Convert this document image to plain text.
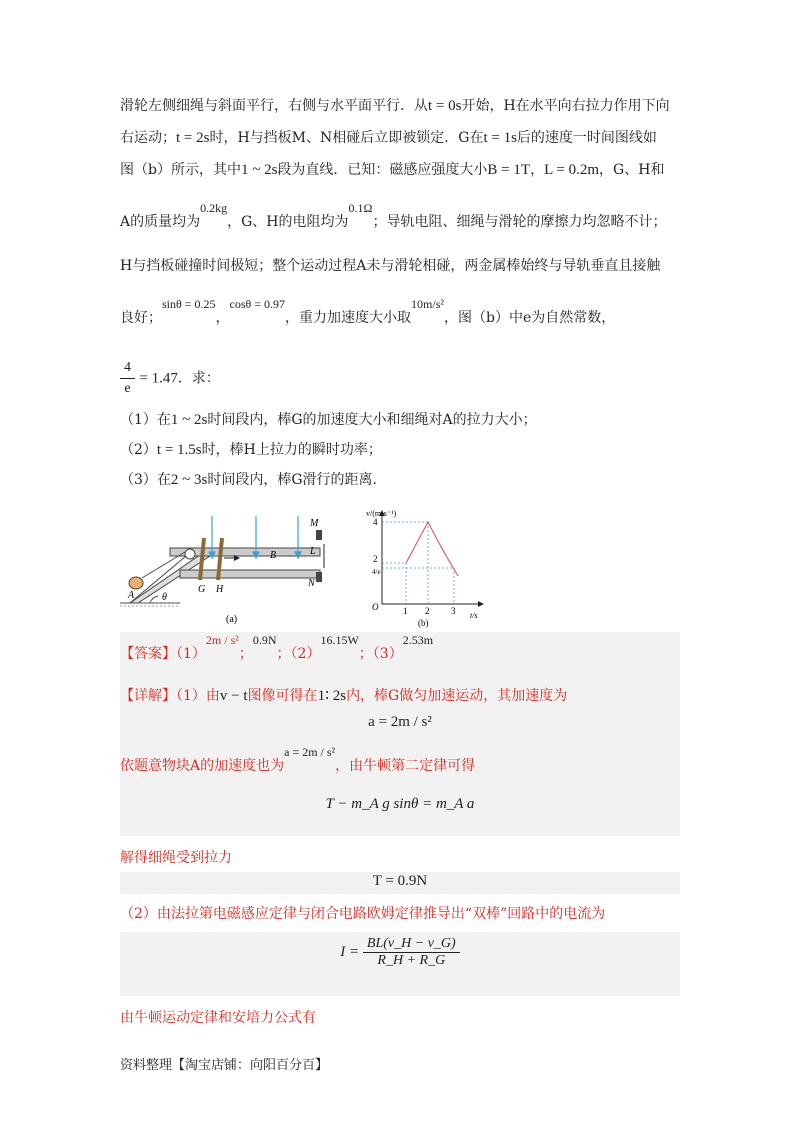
滑轮左侧细绳与斜面平行，右侧与水平面平行．从t = 0s开始，H在水平向右拉力作用下向
右运动；t = 2s时，H与挡板M、N相碰后立即被锁定．G在t = 1s后的速度一时间图线如
图（b）所示，其中1 ~ 2s段为直线．已知：磁感应强度大小B = 1T，L = 0.2m，G、H和
A的质量均为0.2kg，G、H的电阻均为0.1Ω；导轨电阻、细绳与滑轮的摩擦力均忽略不计；
H与挡板碰撞时间极短；整个运动过程A未与滑轮相碰，两金属棒始终与导轨垂直且接触
良好；sinθ = 0.25，cosθ = 0.97，重力加速度大小取10m/s²，图（b）中e为自然常数，
$\frac{4}{e} = 1.47$．求：
（1）在1 ~ 2s时间段内，棒G的加速度大小和细绳对A的拉力大小；
（2）t = 1.5s时，棒H上拉力的瞬时功率；
（3）在2 ~ 3s时间段内，棒G滑行的距离．
M
L
N
B
G H
A	θ
(a)
v/(m·s⁻¹)
t/s
O
4
2
4/e
1 2 3
(b)
【答案】（1）2m / s²；0.9N；（2）16.15W；（3）2.53m
【详解】（1）由v − t图像可得在1∶ 2s内，棒G做匀加速运动，其加速度为
a = 2m / s²
依题意物块A的加速度也为a = 2m / s²，由牛顿第二定律可得
T − m_A g sinθ = m_A a
解得细绳受到拉力
T = 0.9N
（2）由法拉第电磁感应定律与闭合电路欧姆定律推导出“双棒”回路中的电流为
$I = \frac{BL(v\_H - v\_G)}{R\_H + R\_G}$
由牛顿运动定律和安培力公式有
资料整理【淘宝店铺：向阳百分百】
